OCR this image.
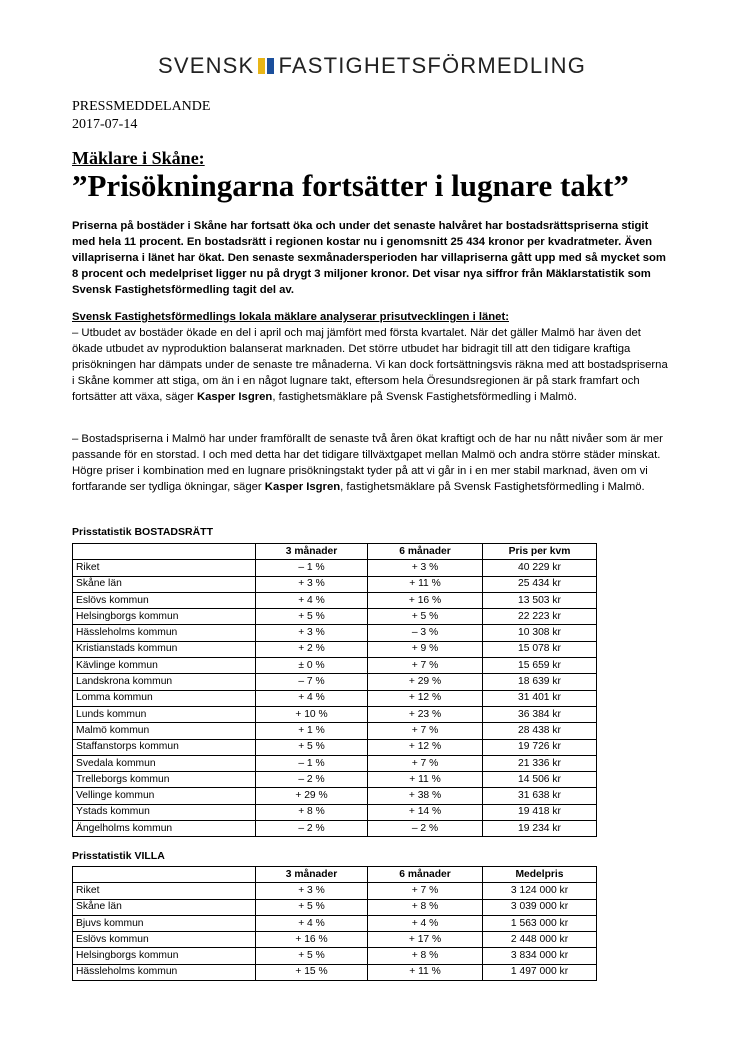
SVENSK FASTIGHETSFÖRMEDLING
PRESSMEDDELANDE
2017-07-14
Mäklare i Skåne:
”Prisökningarna fortsätter i lugnare takt”
Priserna på bostäder i Skåne har fortsatt öka och under det senaste halvåret har bostadsrättspriserna stigit med hela 11 procent. En bostadsrätt i regionen kostar nu i genomsnitt 25 434 kronor per kvadratmeter. Även villapriserna i länet har ökat. Den senaste sexmånadersperioden har villapriserna gått upp med så mycket som 8 procent och medelpriset ligger nu på drygt 3 miljoner kronor. Det visar nya siffror från Mäklarstatistik som Svensk Fastighetsförmedling tagit del av.
Svensk Fastighetsförmedlings lokala mäklare analyserar prisutvecklingen i länet:
– Utbudet av bostäder ökade en del i april och maj jämfört med första kvartalet. När det gäller Malmö har även det ökade utbudet av nyproduktion balanserat marknaden. Det större utbudet har bidragit till att den tidigare kraftiga prisökningen har dämpats under de senaste tre månaderna. Vi kan dock fortsättningsvis räkna med att bostadspriserna i Skåne kommer att stiga, om än i en något lugnare takt, eftersom hela Öresundsregionen är på stark framfart och fortsätter att växa, säger Kasper Isgren, fastighetsmäklare på Svensk Fastighetsförmedling i Malmö.
– Bostadspriserna i Malmö har under framförallt de senaste två åren ökat kraftigt och de har nu nått nivåer som är mer passande för en storstad. I och med detta har det tidigare tillväxtgapet mellan Malmö och andra större städer minskat. Högre priser i kombination med en lugnare prisökningstakt tyder på att vi går in i en mer stabil marknad, även om vi fortfarande ser tydliga ökningar, säger Kasper Isgren, fastighetsmäklare på Svensk Fastighetsförmedling i Malmö.
Prisstatistik BOSTADSRÄTT
	3 månader	6 månader	Pris per kvm
Riket	– 1 %	+ 3 %	40 229 kr
Skåne län	+ 3 %	+ 11 %	25 434 kr
Eslövs kommun	+ 4 %	+ 16 %	13 503 kr
Helsingborgs kommun	+ 5 %	+ 5 %	22 223 kr
Hässleholms kommun	+ 3 %	– 3 %	10 308 kr
Kristianstads kommun	+ 2 %	+ 9 %	15 078 kr
Kävlinge kommun	± 0 %	+ 7 %	15 659 kr
Landskrona kommun	– 7 %	+ 29 %	18 639 kr
Lomma kommun	+ 4 %	+ 12 %	31 401 kr
Lunds kommun	+ 10 %	+ 23 %	36 384 kr
Malmö kommun	+ 1 %	+ 7 %	28 438 kr
Staffanstorps kommun	+ 5 %	+ 12 %	19 726 kr
Svedala kommun	– 1 %	+ 7 %	21 336 kr
Trelleborgs kommun	– 2 %	+ 11 %	14 506 kr
Vellinge kommun	+ 29 %	+ 38 %	31 638 kr
Ystads kommun	+ 8 %	+ 14 %	19 418 kr
Ängelholms kommun	– 2 %	– 2 %	19 234 kr
Prisstatistik VILLA
	3 månader	6 månader	Medelpris
Riket	+ 3 %	+ 7 %	3 124 000 kr
Skåne län	+ 5 %	+ 8 %	3 039 000 kr
Bjuvs kommun	+ 4 %	+ 4 %	1 563 000 kr
Eslövs kommun	+ 16 %	+ 17 %	2 448 000 kr
Helsingborgs kommun	+ 5 %	+ 8 %	3 834 000 kr
Hässleholms kommun	+ 15 %	+ 11 %	1 497 000 kr
